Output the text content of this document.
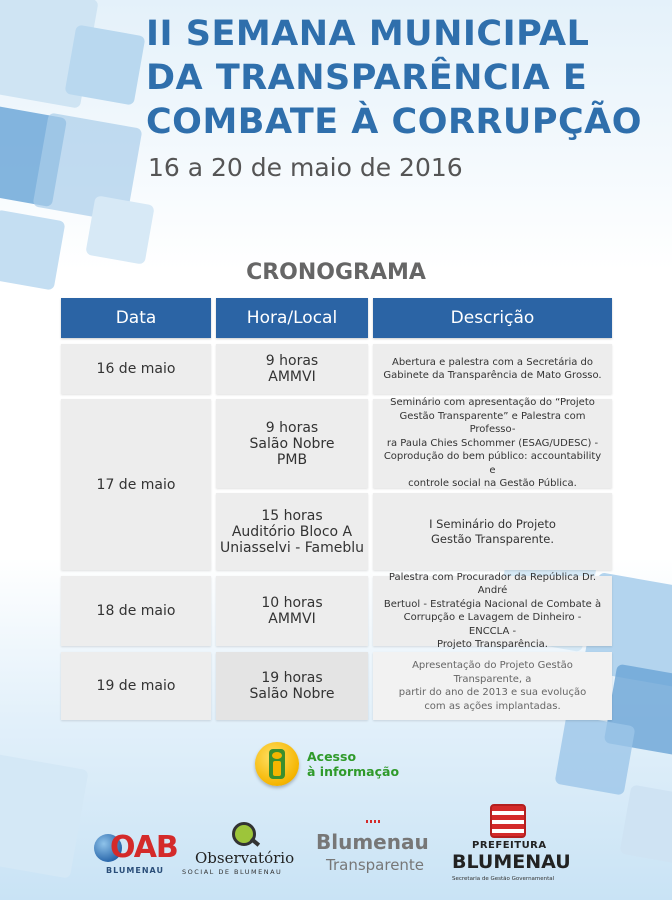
II SEMANA MUNICIPAL
DA TRANSPARÊNCIA E
COMBATE À CORRUPÇÃO
16 a 20 de maio de 2016
CRONOGRAMA
Data	Hora/Local	Descrição
16 de maio
17 de maio
18 de maio
19 de maio
9 horas
AMMVI
9 horas
Salão Nobre
PMB
15 horas
Auditório Bloco A
Uniasselvi - Fameblu
10 horas
AMMVI
19 horas
Salão Nobre
Abertura e palestra com a Secretária do
Gabinete da Transparência de Mato Grosso.
Seminário com apresentação do “Projeto
Gestão Transparente” e Palestra com Professo-
ra Paula Chies Schommer (ESAG/UDESC) -
Coprodução do bem público: accountability e
controle social na Gestão Pública.
I Seminário do Projeto
Gestão Transparente.
Palestra com Procurador da República Dr. André
Bertuol - Estratégia Nacional de Combate à
Corrupção e Lavagem de Dinheiro - ENCCLA -
Projeto Transparência.
Apresentação do Projeto Gestão Transparente, a
partir do ano de 2013 e sua evolução
com as ações implantadas.
Acesso
à informação
OAB
BLUMENAU
Observatório
SOCIAL DE BLUMENAU
Blumenau
Transparente
PREFEITURA
BLUMENAU
Secretaria de Gestão Governamental
